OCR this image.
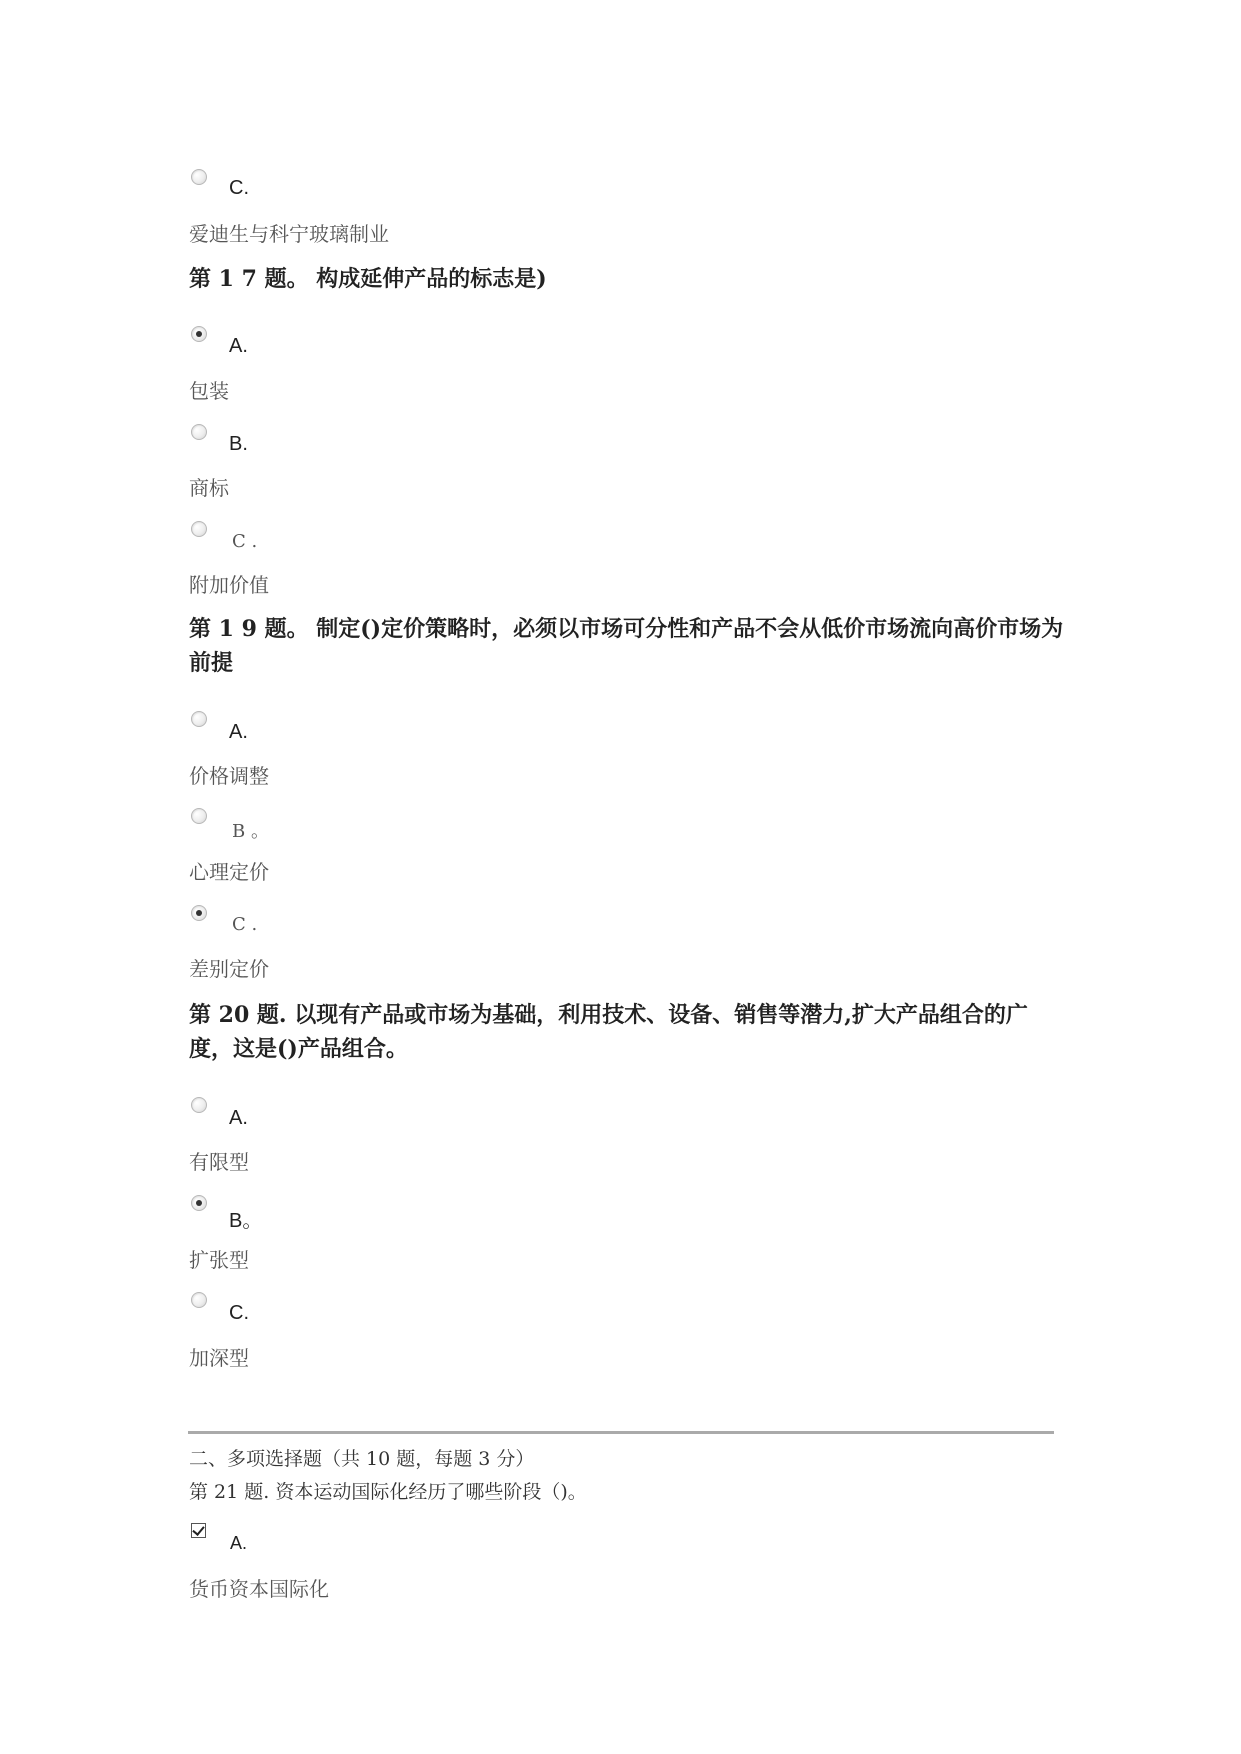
C.
爱迪生与科宁玻璃制业
第 1 7 题。 构成延伸产品的标志是)
A.
包装
B.
商标
C .
附加价值
第 1 9 题。 制定()定价策略时，必须以市场可分性和产品不会从低价市场流向高价市场为前提
A.
价格调整
B 。
心理定价
C .
差别定价
第 20 题. 以现有产品或市场为基础，利用技术、设备、销售等潜力,扩大产品组合的广度，这是()产品组合。
A.
有限型
B。
扩张型
C.
加深型
二、多项选择题（共 10 题，每题 3 分）
第 21 题. 资本运动国际化经历了哪些阶段（)。
A.
货币资本国际化
